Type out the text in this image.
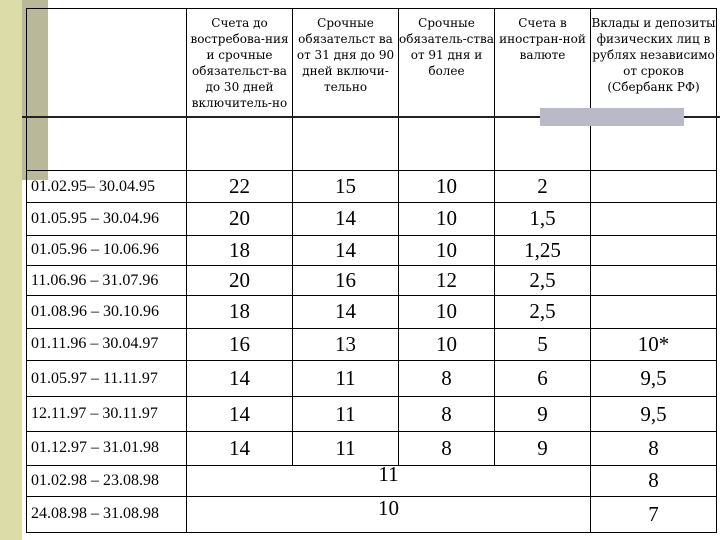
	Счета до востребова-ния и срочные обязательст-ва до 30 дней включитель-но	Срочные обязательст ва от 31 дня до 90 дней включи-тельно	Срочные обязатель-ства от 91 дня и более	Счета в иностран-ной валюте	Вклады и депозиты физических лиц в рублях независимо от сроков (Сбербанк РФ)
01.02.95– 30.04.95	22	15	10	2	
01.05.95 – 30.04.96	20	14	10	1,5	
01.05.96 – 10.06.96	18	14	10	1,25	
11.06.96 – 31.07.96	20	16	12	2,5	
01.08.96 – 30.10.96	18	14	10	2,5	
01.11.96 – 30.04.97	16	13	10	5	10*
01.05.97 – 11.11.97	14	11	8	6	9,5
12.11.97 – 30.11.97	14	11	8	9	9,5
01.12.97 – 31.01.98	14	11	8	9	8
01.02.98 – 23.08.98	11				8
24.08.98 – 31.08.98	10				7
